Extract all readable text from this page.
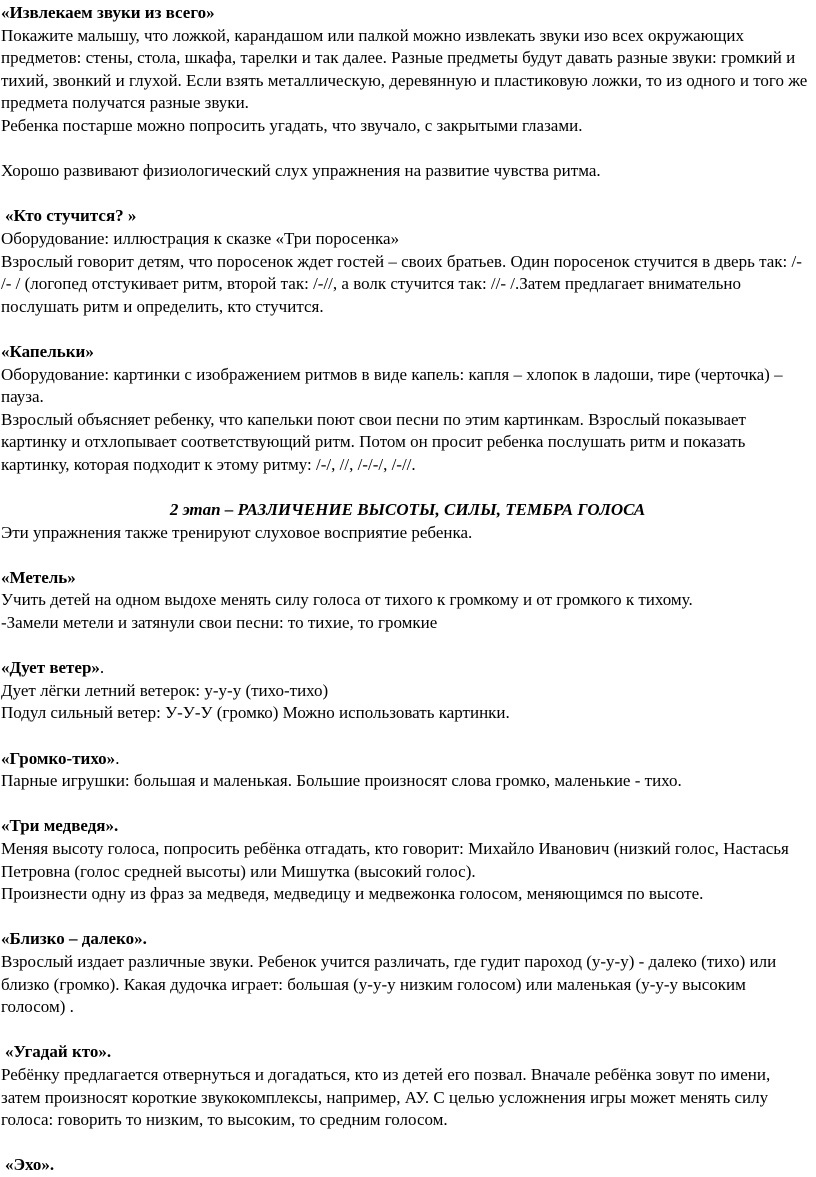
«Извлекаем звуки из всего»

Покажите малышу, что ложкой, карандашом или палкой можно извлекать звуки изо всех окружающих предметов: стены, стола, шкафа, тарелки и так далее. Разные предметы будут давать разные звуки: громкий и тихий, звонкий и глухой. Если взять металлическую, деревянную и пластиковую ложки, то из одного и того же предмета получатся разные звуки.

Ребенка постарше можно попросить угадать, что звучало, с закрытыми глазами.

Хорошо развивают физиологический слух упражнения на развитие чувства ритма.

«Кто стучится? »

Оборудование: иллюстрация к сказке «Три поросенка»

Взрослый говорит детям, что поросенок ждет гостей – своих братьев. Один поросенок стучится в дверь так: /- /- / (логопед отстукивает ритм, второй так: /-//, а волк стучится так: //- /.Затем предлагает внимательно послушать ритм и определить, кто стучится.

«Капельки»

Оборудование: картинки с изображением ритмов в виде капель: капля – хлопок в ладоши, тире (черточка) – пауза.

Взрослый объясняет ребенку, что капельки поют свои песни по этим картинкам. Взрослый показывает картинку и отхлопывает соответствующий ритм. Потом он просит ребенка послушать ритм и показать картинку, которая подходит к этому ритму: /-/, //, /-/-/, /-//.

2 этап – РАЗЛИЧЕНИЕ ВЫСОТЫ, СИЛЫ, ТЕМБРА ГОЛОСА

Эти упражнения также тренируют слуховое восприятие ребенка.

«Метель»

Учить детей на одном выдохе менять силу голоса от тихого к громкому и от громкого к тихому.

-Замели метели и затянули свои песни: то тихие, то громкие

«Дует ветер».

Дует лёгки летний ветерок: у-у-у (тихо-тихо)

Подул сильный ветер: У-У-У (громко) Можно использовать картинки.

«Громко-тихо».

Парные игрушки: большая и маленькая. Большие произносят слова громко, маленькие - тихо.

«Три медведя».

Меняя высоту голоса, попросить ребёнка отгадать, кто говорит: Михайло Иванович (низкий голос, Настасья Петровна (голос средней высоты) или Мишутка (высокий голос).

Произнести одну из фраз за медведя, медведицу и медвежонка голосом, меняющимся по высоте.

«Близко – далеко».

Взрослый издает различные звуки. Ребенок учится различать, где гудит пароход (у-у-у) - далеко (тихо) или близко (громко). Какая дудочка играет: большая (у-у-у низким голосом) или маленькая (у-у-у высоким голосом) .

«Угадай кто».

Ребёнку предлагается отвернуться и догадаться, кто из детей его позвал. Вначале ребёнка зовут по имени, затем произносят короткие звукокомплексы, например, АУ. С целью усложнения игры может менять силу голоса: говорить то низким, то высоким, то средним голосом.

«Эхо».
